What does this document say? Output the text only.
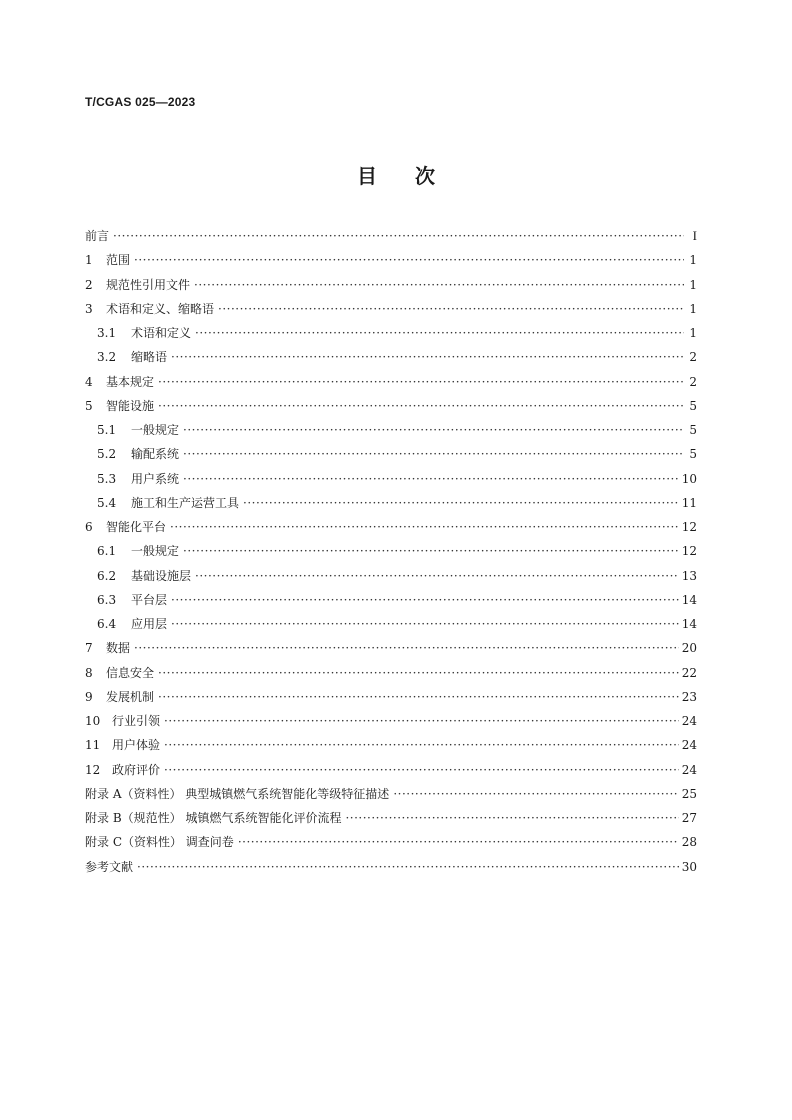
T/CGAS 025—2023
目 次
前言 ·····	I
1	范围 ·····	1
2	规范性引用文件 ·····	1
3	术语和定义、缩略语 ·····	1
3.1	术语和定义 ·····	1
3.2	缩略语 ·····	2
4	基本规定 ·····	2
5	智能设施 ·····	5
5.1	一般规定 ·····	5
5.2	输配系统 ·····	5
5.3	用户系统 ·····	10
5.4	施工和生产运营工具 ·····	11
6	智能化平台 ·····	12
6.1	一般规定 ·····	12
6.2	基础设施层 ·····	13
6.3	平台层 ·····	14
6.4	应用层 ·····	14
7	数据 ·····	20
8	信息安全 ·····	22
9	发展机制 ·····	23
10 行业引领 ·····	24
11 用户体验 ·····	24
12 政府评价 ·····	24
附录 A（资料性） 典型城镇燃气系统智能化等级特征描述 ·····	25
附录 B（规范性） 城镇燃气系统智能化评价流程 ·····	27
附录 C（资料性） 调查问卷 ·····	28
参考文献 ·····	30
